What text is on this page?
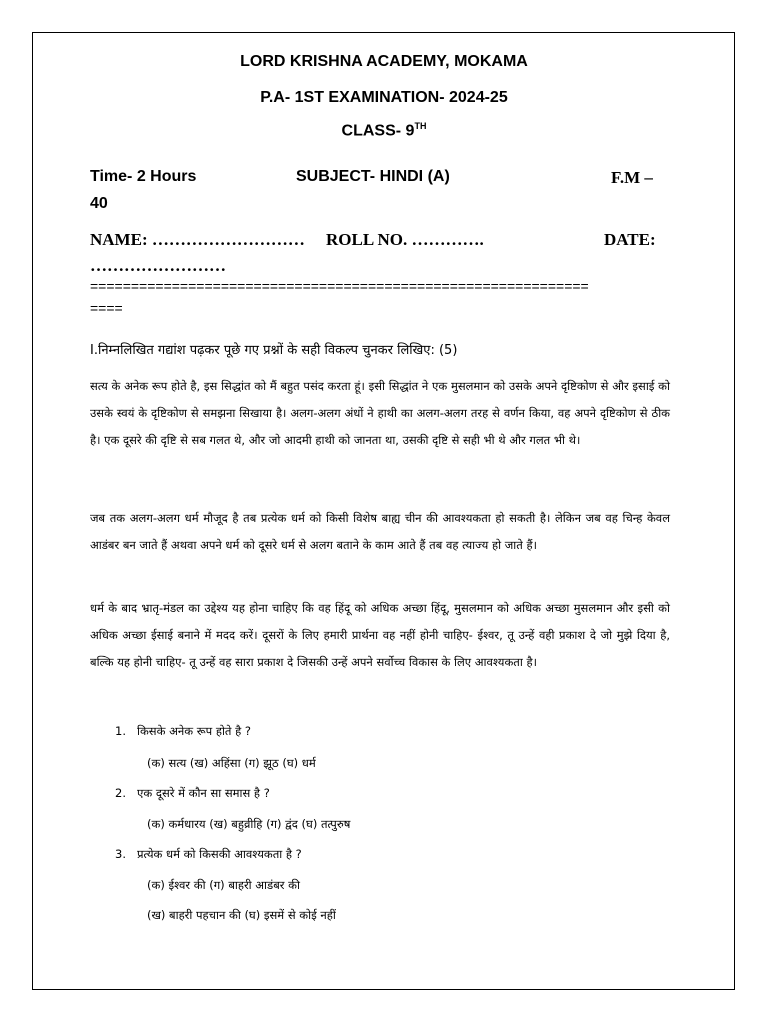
LORD KRISHNA ACADEMY, MOKAMA
P.A- 1ST EXAMINATION- 2024-25
CLASS- 9TH
Time- 2 Hours	SUBJECT- HINDI (A)	F.M –
40
NAME: ……………………… ROLL NO. ………….	DATE:
……………………
=============================================================
====
I.निम्नलिखित गद्यांश पढ़कर पूछे गए प्रश्नों के सही विकल्प चुनकर लिखिए: (5)

सत्य के अनेक रूप होते है, इस सिद्धांत को मैं बहुत पसंद करता हूं। इसी सिद्धांत ने एक मुसलमान को उसके अपने दृष्टिकोण से और इसाई को उसके स्वयं के दृष्टिकोण से समझना सिखाया है। अलग-अलग अंधों ने हाथी का अलग-अलग तरह से वर्णन किया, वह अपने दृष्टिकोण से ठीक है। एक दूसरे की दृष्टि से सब गलत थे, और जो आदमी हाथी को जानता था, उसकी दृष्टि से सही भी थे और गलत भी थे।

जब तक अलग-अलग धर्म मौजूद है तब प्रत्येक धर्म को किसी विशेष बाह्य चीन की आवश्यकता हो सकती है। लेकिन जब वह चिन्ह केवल आडंबर बन जाते हैं अथवा अपने धर्म को दूसरे धर्म से अलग बताने के काम आते हैं तब वह त्याज्य हो जाते हैं।

धर्म के बाद भ्रातृ-मंडल का उद्देश्य यह होना चाहिए कि वह हिंदू को अधिक अच्छा हिंदू, मुसलमान को अधिक अच्छा मुसलमान और इसी को अधिक अच्छा ईसाई बनाने में मदद करें। दूसरों के लिए हमारी प्रार्थना वह नहीं होनी चाहिए- ईश्वर, तू उन्हें वही प्रकाश दे जो मुझे दिया है, बल्कि यह होनी चाहिए- तू उन्हें वह सारा प्रकाश दे जिसकी उन्हें अपने सर्वोच्च विकास के लिए आवश्यकता है।

1. किसके अनेक रूप होते है ?
(क) सत्य (ख) अहिंसा (ग) झूठ (घ) धर्म
2. एक दूसरे में कौन सा समास है ?
(क) कर्मधारय (ख) बहुव्रीहि (ग) द्वंद (घ) तत्पुरुष
3. प्रत्येक धर्म को किसकी आवश्यकता है ?
(क) ईश्वर की (ग) बाहरी आडंबर की
(ख) बाहरी पहचान की (घ) इसमें से कोई नहीं
